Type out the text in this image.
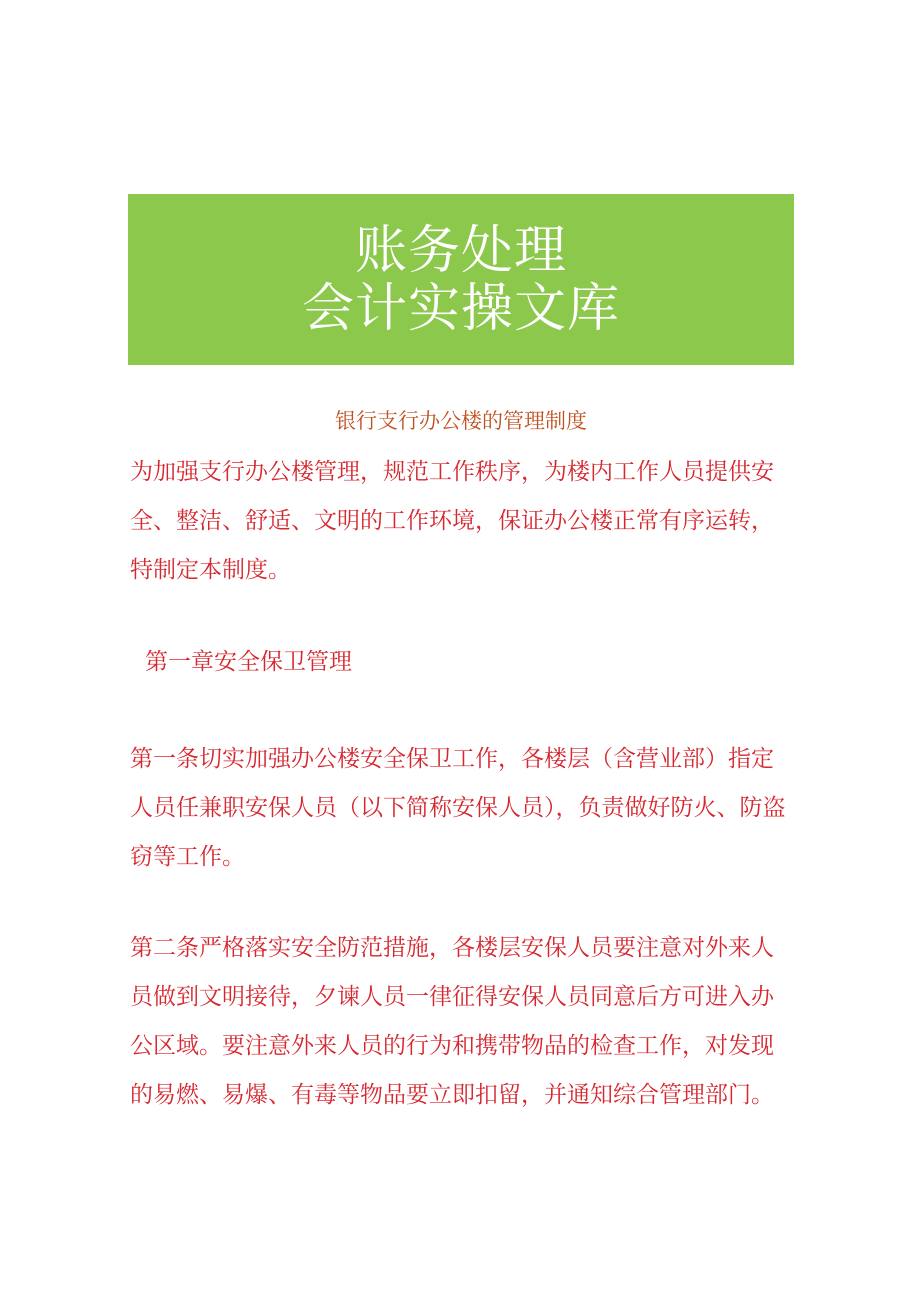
账务处理
会计实操文库
银行支行办公楼的管理制度

为加强支行办公楼管理，规范工作秩序，为楼内工作人员提供安全、整洁、舒适、文明的工作环境，保证办公楼正常有序运转，特制定本制度。

第一章安全保卫管理

第一条切实加强办公楼安全保卫工作，各楼层（含营业部）指定人员任兼职安保人员（以下简称安保人员），负责做好防火、防盗窃等工作。

第二条严格落实安全防范措施，各楼层安保人员要注意对外来人员做到文明接待，夕谏人员一律征得安保人员同意后方可进入办公区域。要注意外来人员的行为和携带物品的检查工作，对发现的易燃、易爆、有毒等物品要立即扣留，并通知综合管理部门。
